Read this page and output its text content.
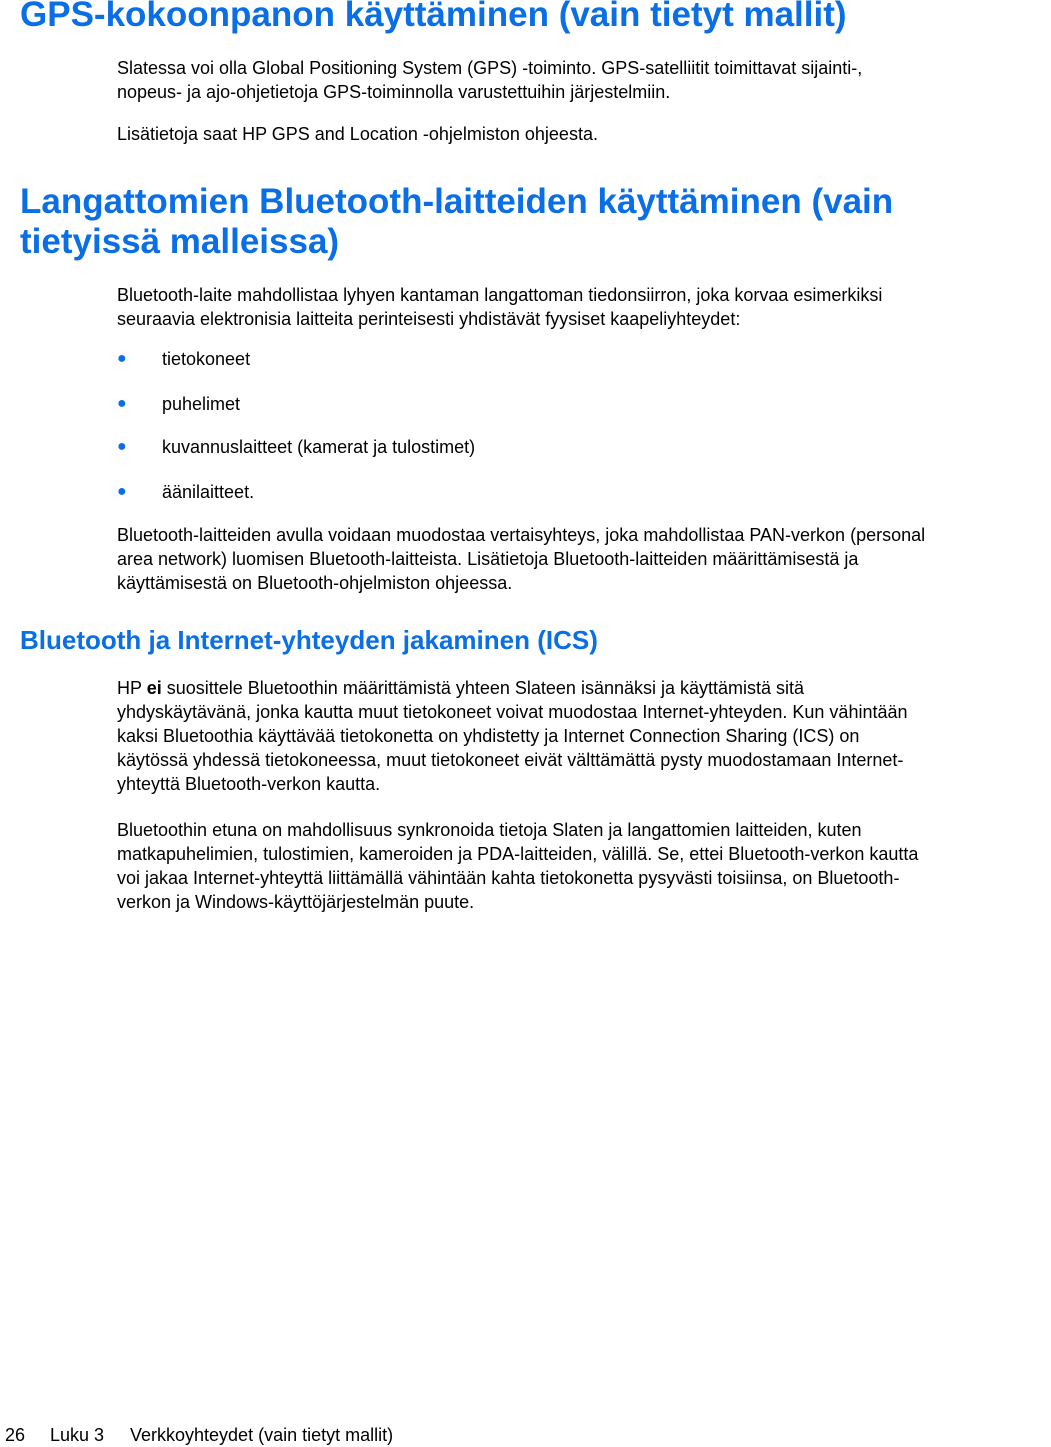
GPS-kokoonpanon käyttäminen (vain tietyt mallit)
Slatessa voi olla Global Positioning System (GPS) -toiminto. GPS-satelliitit toimittavat sijainti-,
nopeus- ja ajo-ohjetietoja GPS-toiminnolla varustettuihin järjestelmiin.
Lisätietoja saat HP GPS and Location -ohjelmiston ohjeesta.
Langattomien Bluetooth-laitteiden käyttäminen (vain
tietyissä malleissa)
Bluetooth-laite mahdollistaa lyhyen kantaman langattoman tiedonsiirron, joka korvaa esimerkiksi
seuraavia elektronisia laitteita perinteisesti yhdistävät fyysiset kaapeliyhteydet:
● tietokoneet
● puhelimet
● kuvannuslaitteet (kamerat ja tulostimet)
● äänilaitteet.
Bluetooth-laitteiden avulla voidaan muodostaa vertaisyhteys, joka mahdollistaa PAN-verkon (personal
area network) luomisen Bluetooth-laitteista. Lisätietoja Bluetooth-laitteiden määrittämisestä ja
käyttämisestä on Bluetooth-ohjelmiston ohjeessa.
Bluetooth ja Internet-yhteyden jakaminen (ICS)
HP ei suosittele Bluetoothin määrittämistä yhteen Slateen isännäksi ja käyttämistä sitä
yhdyskäytävänä, jonka kautta muut tietokoneet voivat muodostaa Internet-yhteyden. Kun vähintään
kaksi Bluetoothia käyttävää tietokonetta on yhdistetty ja Internet Connection Sharing (ICS) on
käytössä yhdessä tietokoneessa, muut tietokoneet eivät välttämättä pysty muodostamaan Internet-
yhteyttä Bluetooth-verkon kautta.
Bluetoothin etuna on mahdollisuus synkronoida tietoja Slaten ja langattomien laitteiden, kuten
matkapuhelimien, tulostimien, kameroiden ja PDA-laitteiden, välillä. Se, ettei Bluetooth-verkon kautta
voi jakaa Internet-yhteyttä liittämällä vähintään kahta tietokonetta pysyvästi toisiinsa, on Bluetooth-
verkon ja Windows-käyttöjärjestelmän puute.
26 Luku 3 Verkkoyhteydet (vain tietyt mallit)
